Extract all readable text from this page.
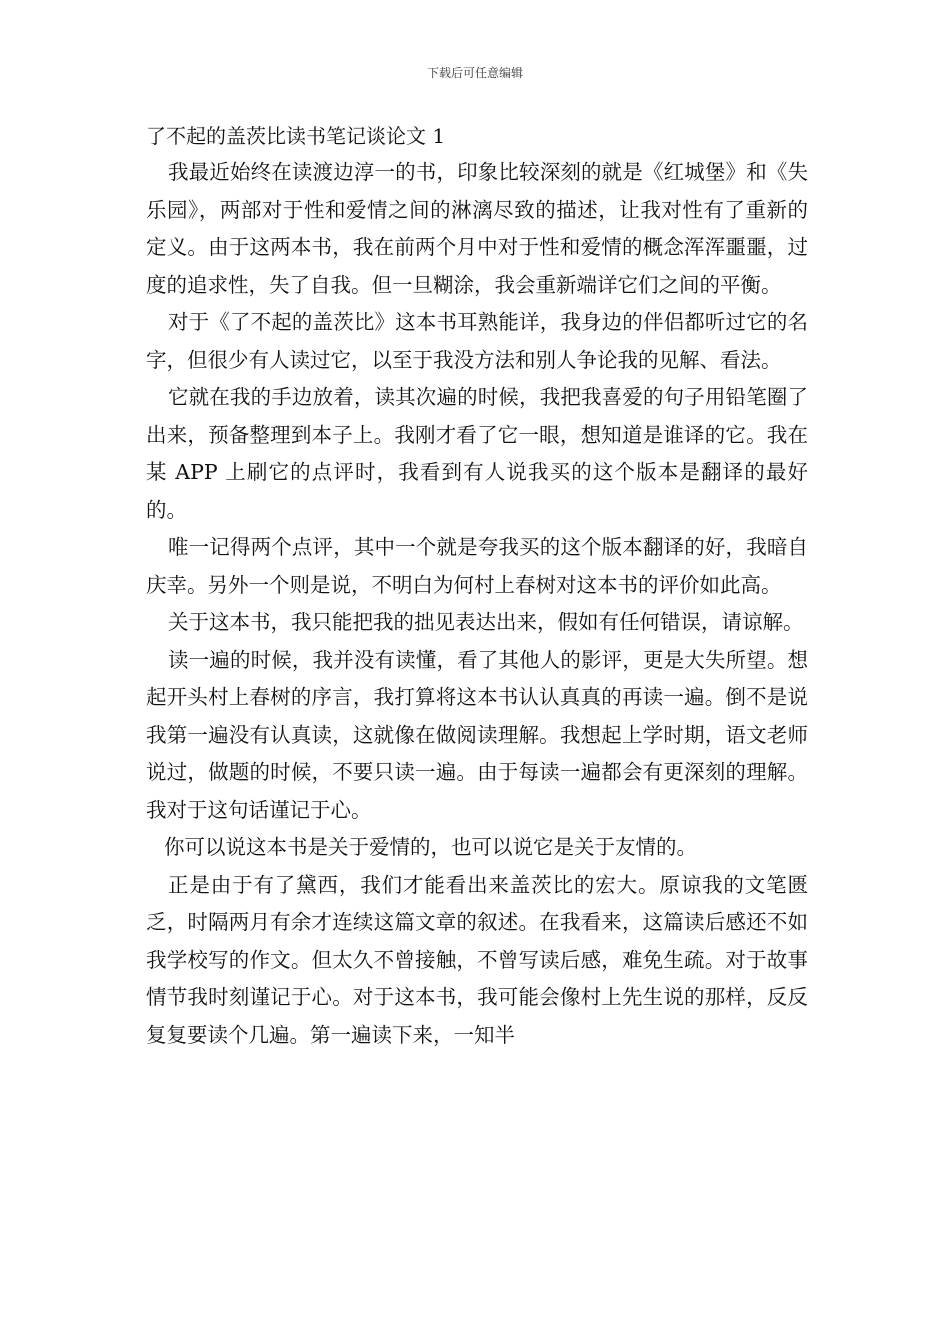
下载后可任意编辑
了不起的盖茨比读书笔记谈论文 1

我最近始终在读渡边淳一的书，印象比较深刻的就是《红城堡》和《失乐园》，两部对于性和爱情之间的淋漓尽致的描述，让我对性有了重新的定义。由于这两本书，我在前两个月中对于性和爱情的概念浑浑噩噩，过度的追求性，失了自我。但一旦糊涂，我会重新端详它们之间的平衡。

对于《了不起的盖茨比》这本书耳熟能详，我身边的伴侣都听过它的名字，但很少有人读过它，以至于我没方法和别人争论我的见解、看法。

它就在我的手边放着，读其次遍的时候，我把我喜爱的句子用铅笔圈了出来，预备整理到本子上。我刚才看了它一眼，想知道是谁译的它。我在某 APP 上刷它的点评时，我看到有人说我买的这个版本是翻译的最好的。

唯一记得两个点评，其中一个就是夸我买的这个版本翻译的好，我暗自庆幸。另外一个则是说，不明白为何村上春树对这本书的评价如此高。

关于这本书，我只能把我的拙见表达出来，假如有任何错误，请谅解。

读一遍的时候，我并没有读懂，看了其他人的影评，更是大失所望。想起开头村上春树的序言，我打算将这本书认认真真的再读一遍。倒不是说我第一遍没有认真读，这就像在做阅读理解。我想起上学时期，语文老师说过，做题的时候，不要只读一遍。由于每读一遍都会有更深刻的理解。我对于这句话谨记于心。

你可以说这本书是关于爱情的，也可以说它是关于友情的。

正是由于有了黛西，我们才能看出来盖茨比的宏大。原谅我的文笔匮乏，时隔两月有余才连续这篇文章的叙述。在我看来，这篇读后感还不如我学校写的作文。但太久不曾接触，不曾写读后感，难免生疏。对于故事情节我时刻谨记于心。对于这本书，我可能会像村上先生说的那样，反反复复要读个几遍。第一遍读下来，一知半
